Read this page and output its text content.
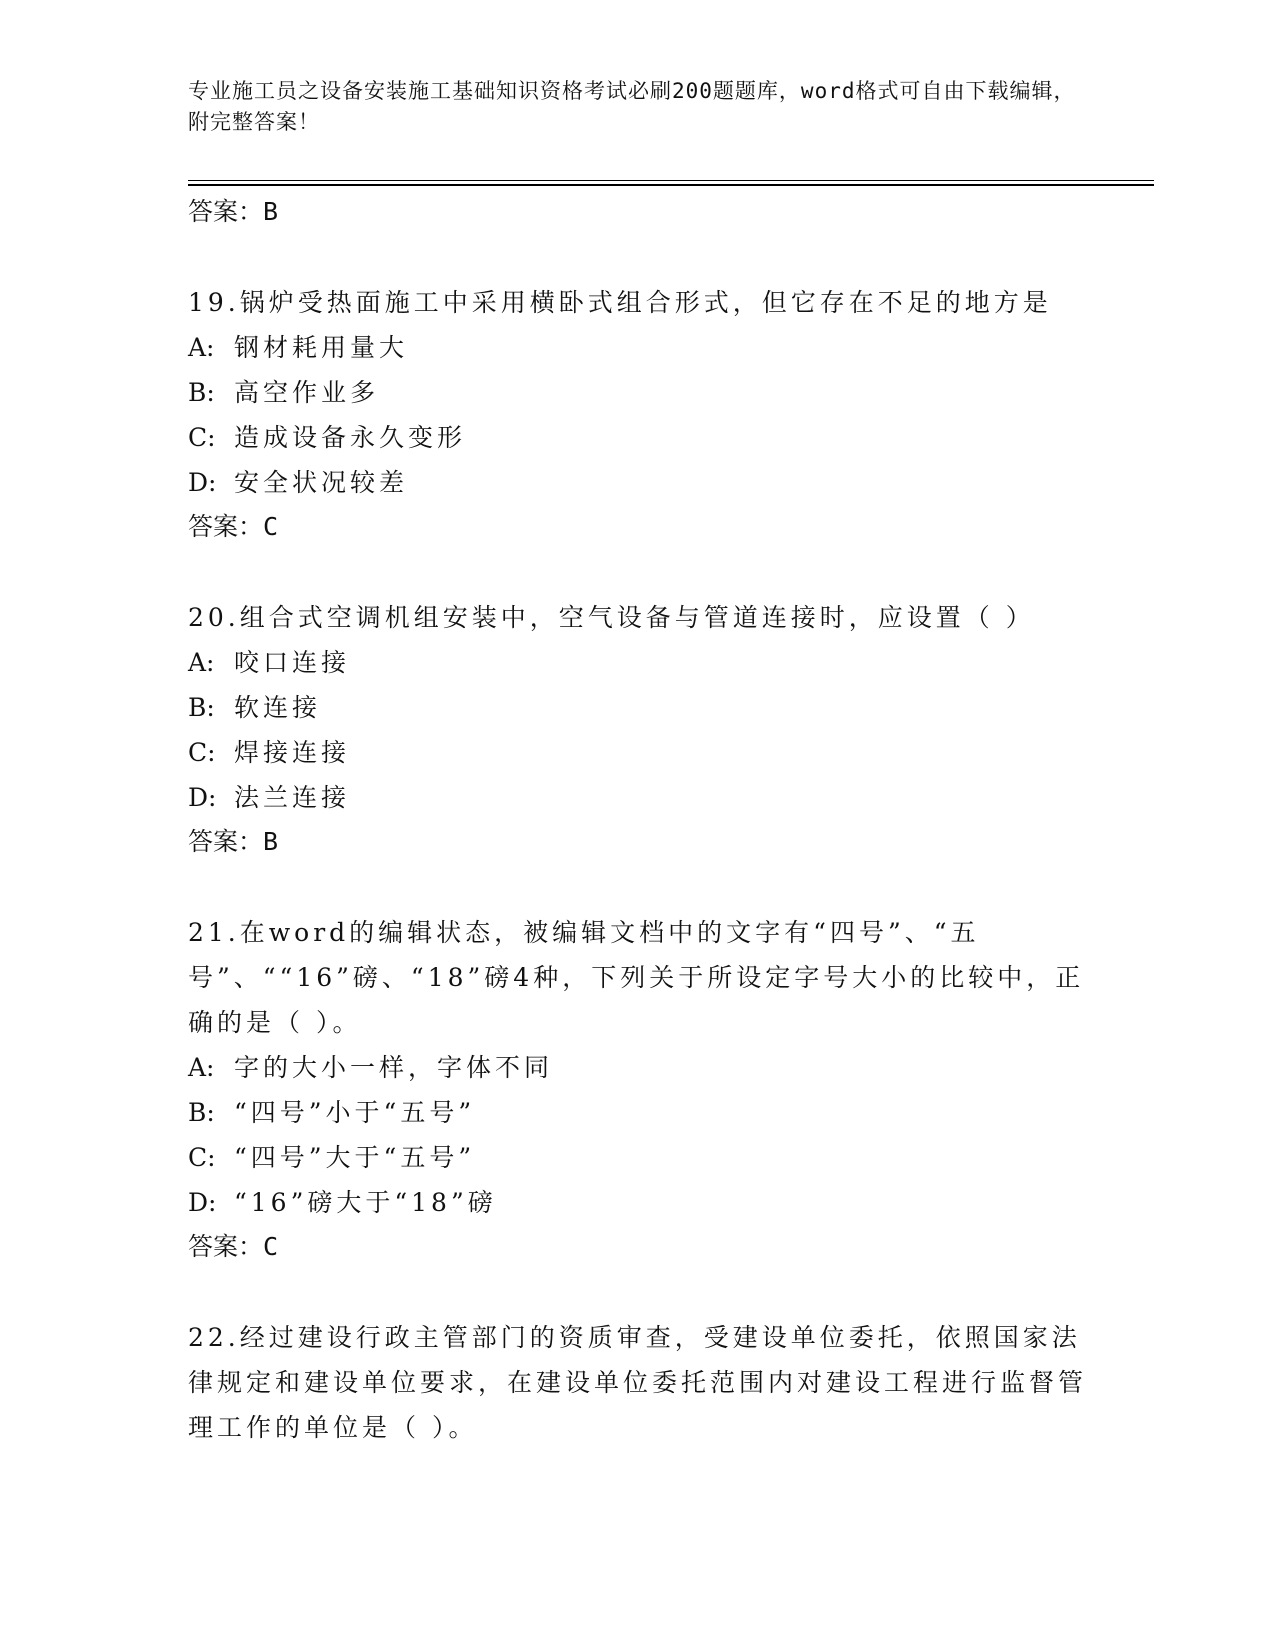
专业施工员之设备安装施工基础知识资格考试必刷200题题库，word格式可自由下载编辑，附完整答案！

答案：B

19.锅炉受热面施工中采用横卧式组合形式，但它存在不足的地方是

A: 钢材耗用量大

B: 高空作业多

C: 造成设备永久变形

D: 安全状况较差

答案：C

20.组合式空调机组安装中，空气设备与管道连接时，应设置（ ）

A: 咬口连接

B: 软连接

C: 焊接连接

D: 法兰连接

答案：B

21.在word的编辑状态，被编辑文档中的文字有“四号”、“五号”、““16”磅、“18”磅4种，下列关于所设定字号大小的比较中，正确的是（ ）。

A: 字的大小一样，字体不同

B: “四号”小于“五号”

C: “四号”大于“五号”

D: “16”磅大于“18”磅

答案：C

22.经过建设行政主管部门的资质审查，受建设单位委托，依照国家法律规定和建设单位要求，在建设单位委托范围内对建设工程进行监督管理工作的单位是（ ）。
